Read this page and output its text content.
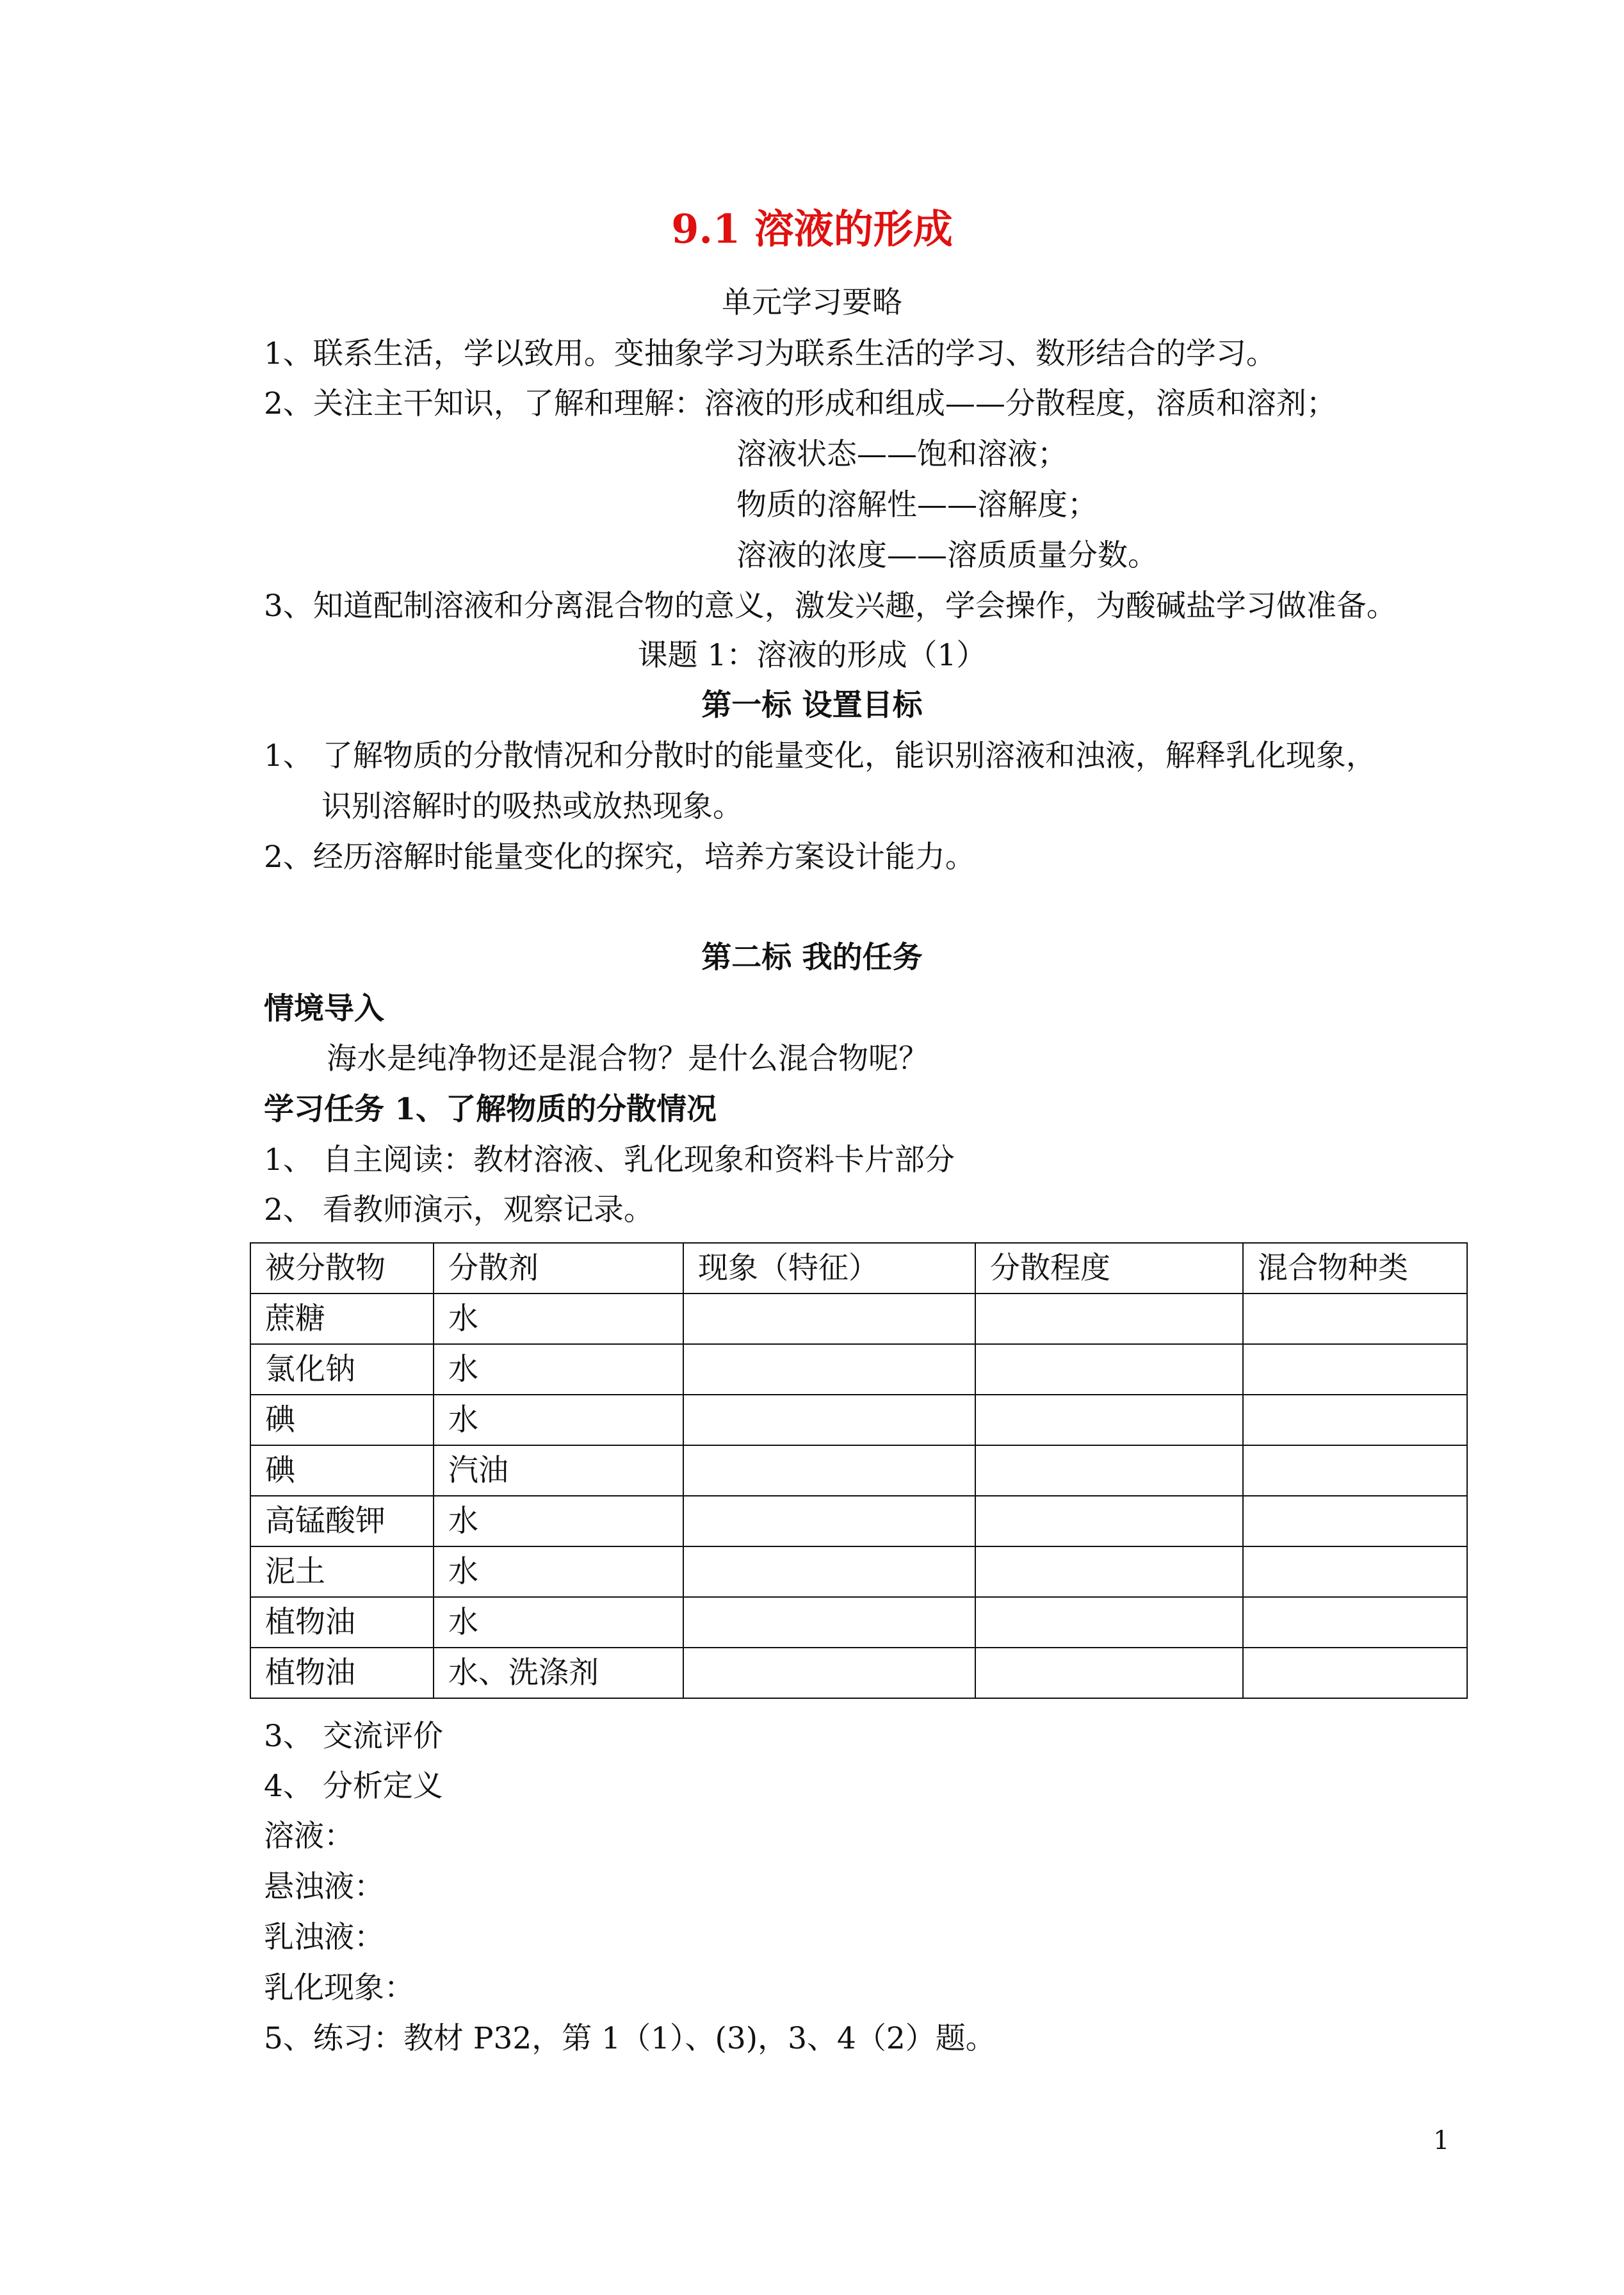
9.1 溶液的形成
单元学习要略
1、联系生活，学以致用。变抽象学习为联系生活的学习、数形结合的学习。
2、关注主干知识，了解和理解：溶液的形成和组成——分散程度，溶质和溶剂；
溶液状态——饱和溶液；
物质的溶解性——溶解度；
溶液的浓度——溶质质量分数。
3、知道配制溶液和分离混合物的意义，激发兴趣，学会操作，为酸碱盐学习做准备。
课题 1：溶液的形成（1）
第一标 设置目标
1、 了解物质的分散情况和分散时的能量变化，能识别溶液和浊液，解释乳化现象，
识别溶解时的吸热或放热现象。
2、经历溶解时能量变化的探究，培养方案设计能力。
第二标 我的任务
情境导入
海水是纯净物还是混合物？是什么混合物呢？
学习任务 1、了解物质的分散情况
1、 自主阅读：教材溶液、乳化现象和资料卡片部分
2、 看教师演示，观察记录。
被分散物	分散剂	现象（特征）	分散程度	混合物种类
蔗糖	水			
氯化钠	水			
碘	水			
碘	汽油			
高锰酸钾	水			
泥土	水			
植物油	水			
植物油	水、洗涤剂			
3、 交流评价
4、 分析定义
溶液：
悬浊液：
乳浊液：
乳化现象：
5、练习：教材 P32，第 1（1）、(3)，3、4（2）题。
1
